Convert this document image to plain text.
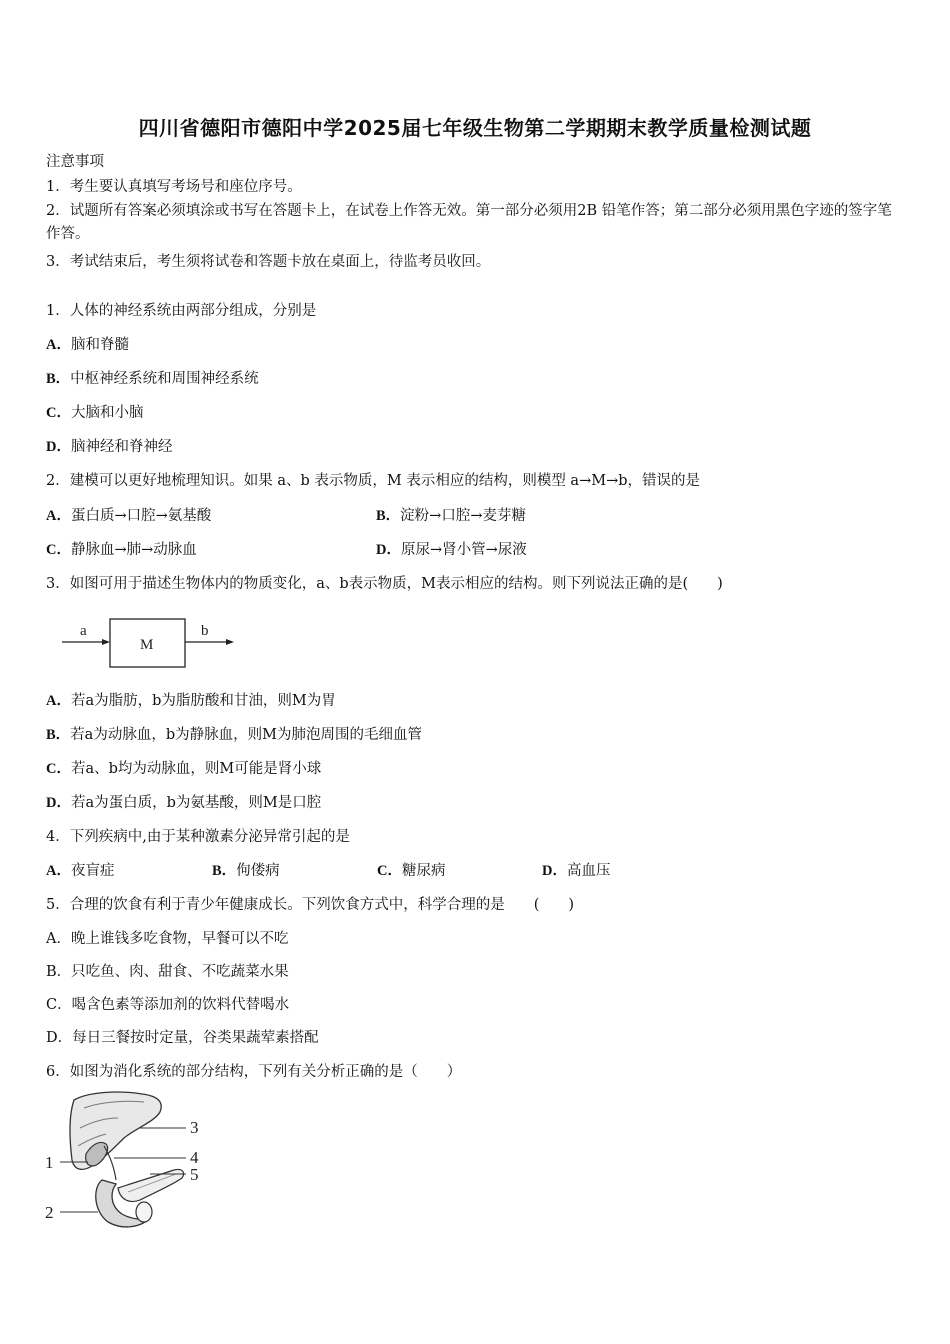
四川省德阳市德阳中学2025届七年级生物第二学期期末教学质量检测试题
注意事项
1．考生要认真填写考场号和座位序号。
2．试题所有答案必须填涂或书写在答题卡上，在试卷上作答无效。第一部分必须用2B 铅笔作答；第二部分必须用黑色字迹的签字笔作答。
3．考试结束后，考生须将试卷和答题卡放在桌面上，待监考员收回。
1．人体的神经系统由两部分组成，分别是
A．脑和脊髓
B．中枢神经系统和周围神经系统
C．大脑和小脑
D．脑神经和脊神经
2．建模可以更好地梳理知识。如果 a、b 表示物质，M 表示相应的结构，则模型 a→M→b，错误的是
A．蛋白质→口腔→氨基酸	B．淀粉→口腔→麦芽糖
C．静脉血→肺→动脉血	D．原尿→肾小管→尿液
3．如图可用于描述生物体内的物质变化，a、b表示物质，M表示相应的结构。则下列说法正确的是(　　)
a
M
b
A．若a为脂肪，b为脂肪酸和甘油，则M为胃
B．若a为动脉血，b为静脉血，则M为肺泡周围的毛细血管
C．若a、b均为动脉血，则M可能是肾小球
D．若a为蛋白质，b为氨基酸，则M是口腔
4．下列疾病中,由于某种激素分泌异常引起的是
A．夜盲症	B．佝偻病	C．糖尿病	D．高血压
5．合理的饮食有利于青少年健康成长。下列饮食方式中，科学合理的是　　(　　)
A．晚上谁钱多吃食物，早餐可以不吃
B．只吃鱼、肉、甜食、不吃蔬菜水果
C．喝含色素等添加剂的饮料代替喝水
D．每日三餐按时定量，谷类果蔬荤素搭配
6．如图为消化系统的部分结构，下列有关分析正确的是（　　）
3
4
5
1
2
